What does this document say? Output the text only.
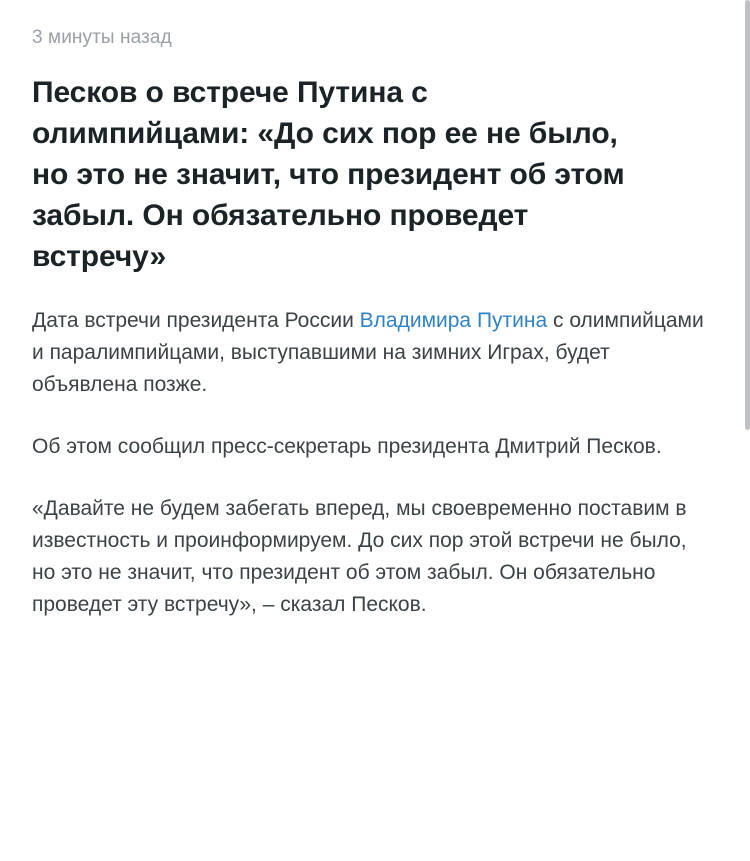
3 минуты назад
Песков о встрече Путина с олимпийцами: «До сих пор ее не было, но это не значит, что президент об этом забыл. Он обязательно проведет встречу»

Дата встречи президента России Владимира Путина с олимпийцами и паралимпийцами, выступавшими на зимних Играх, будет объявлена позже.

Об этом сообщил пресс-секретарь президента Дмитрий Песков.

«Давайте не будем забегать вперед, мы своевременно поставим в известность и проинформируем. До сих пор этой встречи не было, но это не значит, что президент об этом забыл. Он обязательно проведет эту встречу», – сказал Песков.
